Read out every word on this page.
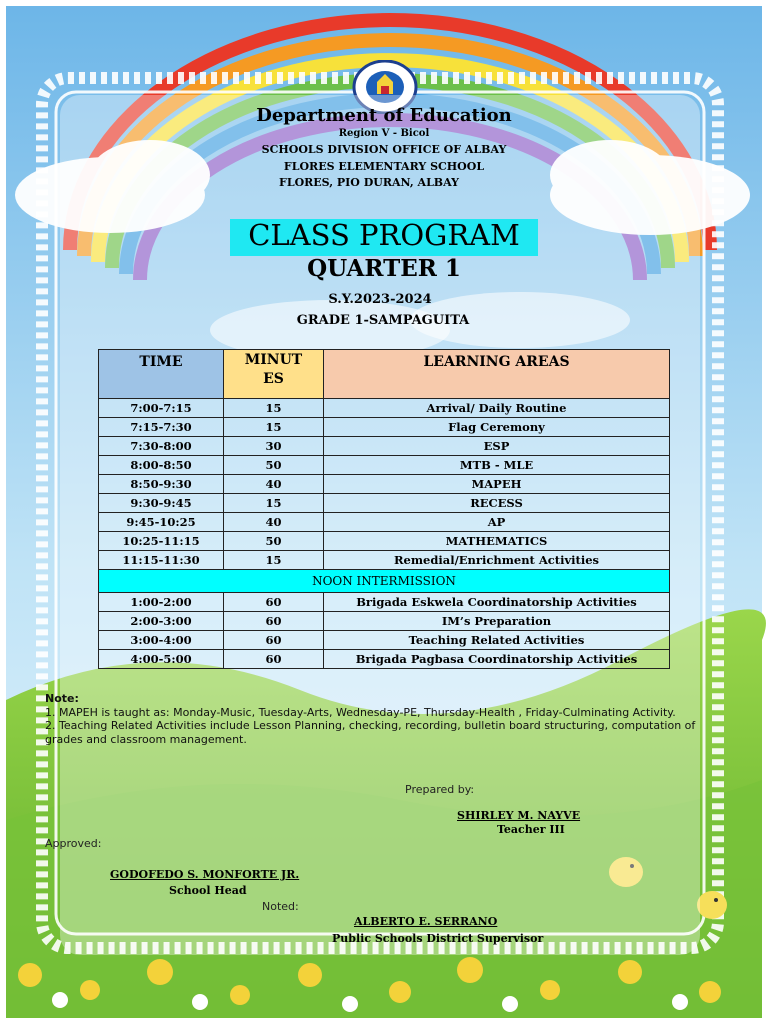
Department of Education
Region V - Bicol
SCHOOLS DIVISION OFFICE OF ALBAY
FLORES ELEMENTARY SCHOOL
FLORES, PIO DURAN, ALBAY
CLASS PROGRAM
QUARTER 1
S.Y.2023-2024
GRADE 1-SAMPAGUITA
TIME	MINUT ES	LEARNING AREAS
7:00-7:15	15	Arrival/ Daily Routine
7:15-7:30	15	Flag Ceremony
7:30-8:00	30	ESP
8:00-8:50	50	MTB - MLE
8:50-9:30	40	MAPEH
9:30-9:45	15	RECESS
9:45-10:25	40	AP
10:25-11:15	50	MATHEMATICS
11:15-11:30	15	Remedial/Enrichment Activities
NOON INTERMISSION		
1:00-2:00	60	Brigada Eskwela Coordinatorship Activities
2:00-3:00	60	IM’s Preparation
3:00-4:00	60	Teaching Related Activities
4:00-5:00	60	Brigada Pagbasa Coordinatorship Activities
Note:
1. MAPEH is taught as: Monday-Music, Tuesday-Arts, Wednesday-PE, Thursday-Health , Friday-Culminating Activity.
2. Teaching Related Activities include Lesson Planning, checking, recording, bulletin board structuring, computation of grades and classroom management.
Prepared by:
SHIRLEY M. NAYVE
Teacher III
Approved:
GODOFEDO S. MONFORTE JR.
School Head
Noted:
ALBERTO E. SERRANO
Public Schools District Supervisor
